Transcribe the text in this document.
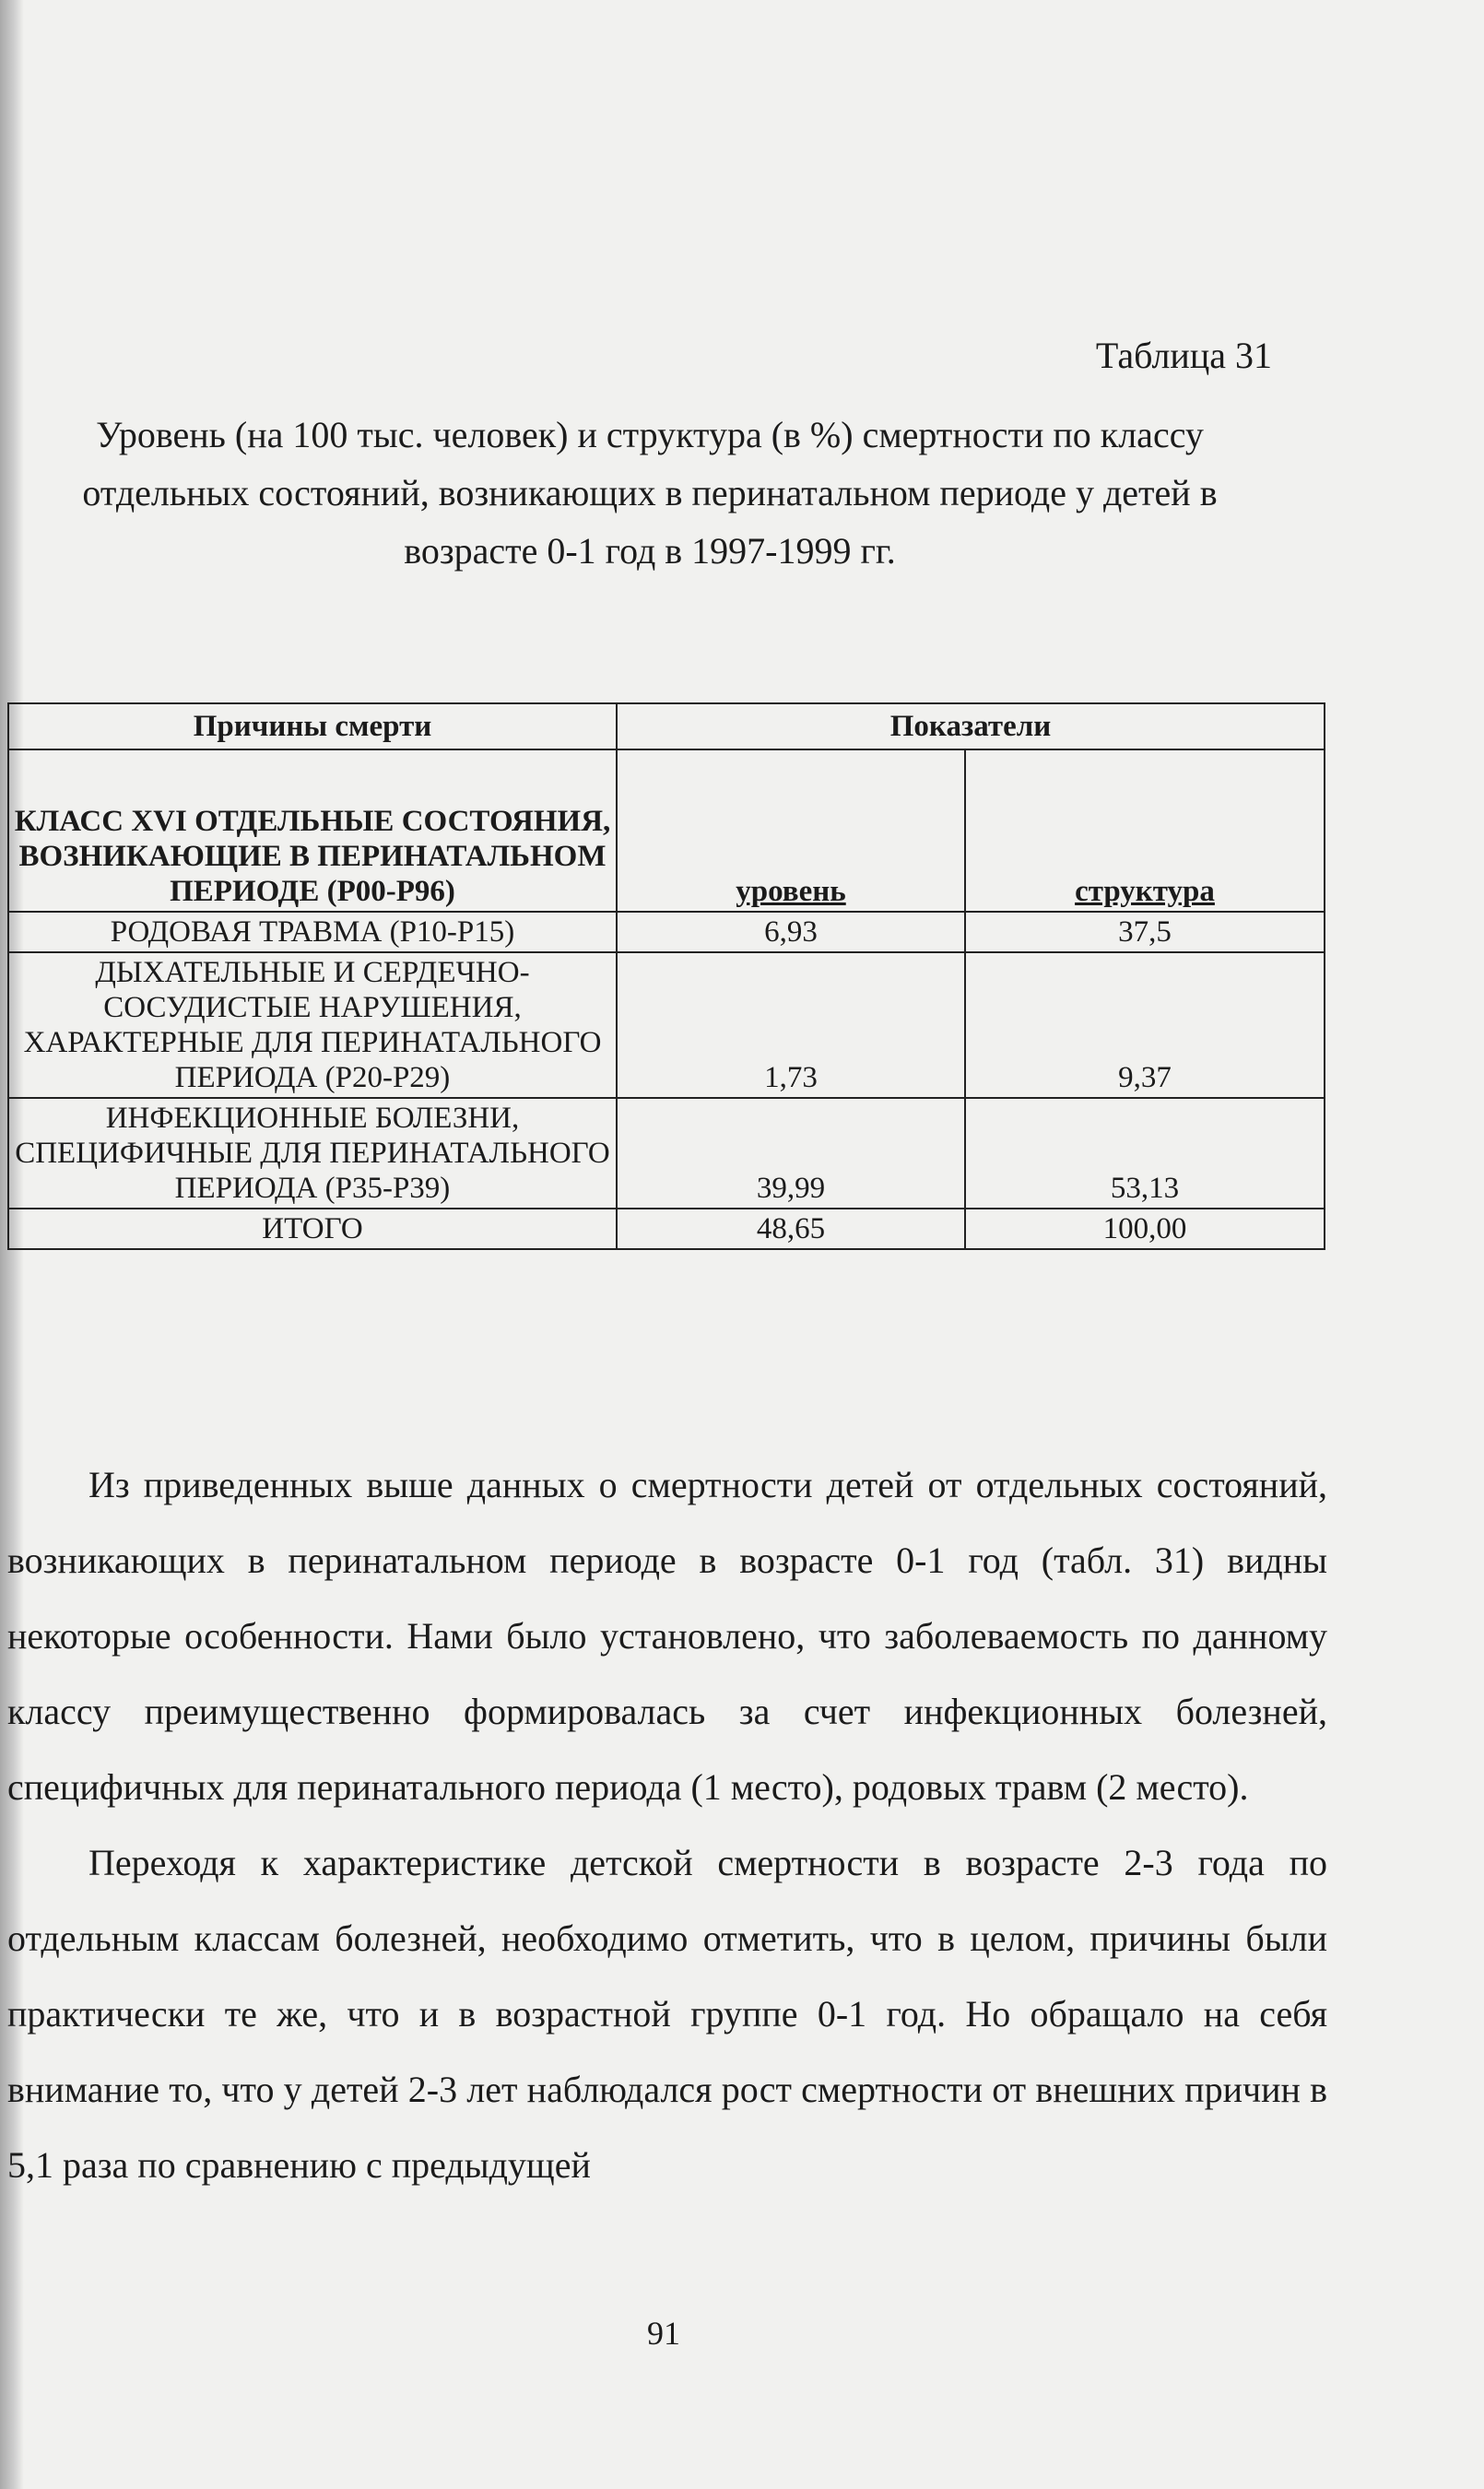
Таблица 31

Уровень (на 100 тыс. человек) и структура (в %) смертности по классу
отдельных состояний, возникающих в перинатальном периоде у детей в
возрасте 0-1 год в 1997-1999 гг.
Причины смерти	Показатели	
КЛАСС XVI ОТДЕЛЬНЫЕ СОСТОЯНИЯ, ВОЗНИКАЮЩИЕ В ПЕРИНАТАЛЬНОМ ПЕРИОДЕ (P00-P96)	уровень	структура
РОДОВАЯ ТРАВМА (P10-P15)	6,93	37,5
ДЫХАТЕЛЬНЫЕ И СЕРДЕЧНО-СОСУДИСТЫЕ НАРУШЕНИЯ, ХАРАКТЕРНЫЕ ДЛЯ ПЕРИНАТАЛЬНОГО ПЕРИОДА (P20-P29)	1,73	9,37
ИНФЕКЦИОННЫЕ БОЛЕЗНИ, СПЕЦИФИЧНЫЕ ДЛЯ ПЕРИНАТАЛЬНОГО ПЕРИОДА (P35-P39)	39,99	53,13
ИТОГО	48,65	100,00

Из приведенных выше данных о смертности детей от отдельных состояний, возникающих в перинатальном периоде в возрасте 0-1 год (табл. 31) видны некоторые особенности. Нами было установлено, что заболеваемость по данному классу преимущественно формировалась за счет инфекционных болезней, специфичных для перинатального периода (1 место), родовых травм (2 место).

Переходя к характеристике детской смертности в возрасте 2-3 года по отдельным классам болезней, необходимо отметить, что в целом, причины были практически те же, что и в возрастной группе 0-1 год. Но обращало на себя внимание то, что у детей 2-3 лет наблюдался рост смертности от внешних причин в 5,1 раза по сравнению с предыдущей

91
